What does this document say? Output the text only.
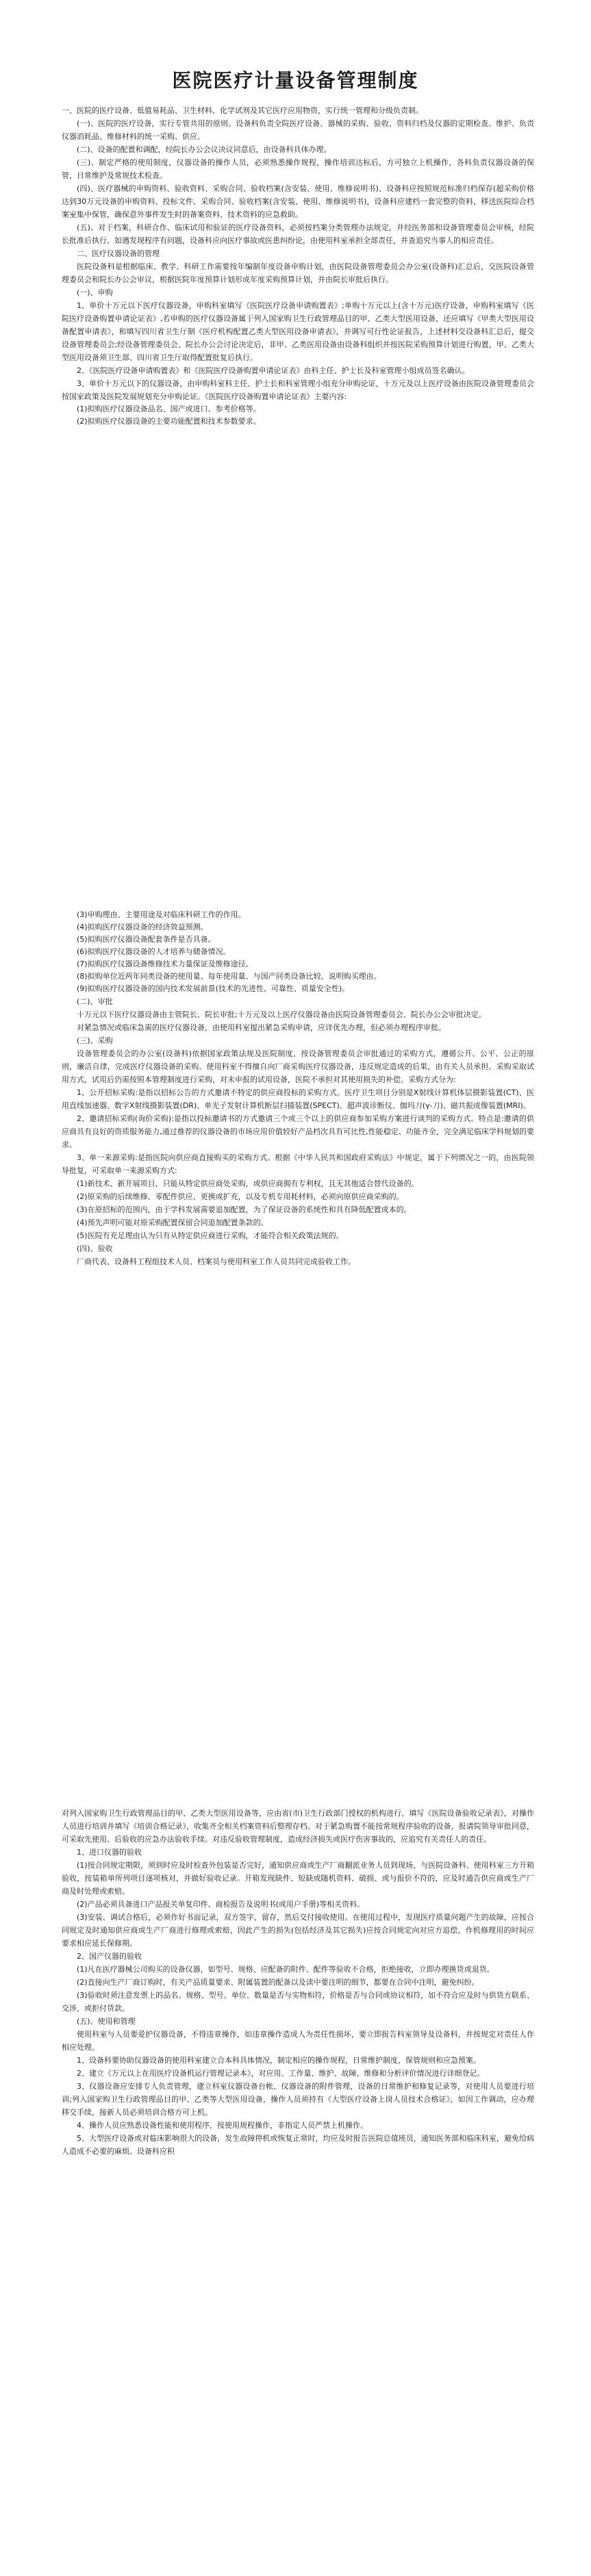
医院医疗计量设备管理制度

一、医院的医疗设备、低值易耗品、卫生材料、化学试剂及其它医疗应用物资，实行统一管理和分级负责制。

(一)、医院的医疗设备，实行专管共用的原则。设备科负责全院医疗设备、器械的采购、验收、资料归档及仪器的定期检查、维护、负责仪器消耗品、维修材料的统一采购、供应。

(二)、设备的配置和调配，经院长办公会议决议同意后，由设备科具体办理。

(三)、制定严格的使用制度，仪器设备的操作人员，必须熟悉操作规程，操作培训达标后，方可独立上机操作，各科负责仪器设备的保管，日常维护及常规技术检查。

(四)、医疗器械的申购资料、验收资料、采购合同、验收档案(含安装、使用、维修说明书)、设备科应按照规范标准归档保存(超采购价格达到30万元设备的申购资料、投标文件、采购合同、验收档案(含安装、使用、维修说明书)，设备科应建档一套完整的资料，移送医院综合档案室集中保管，确保意外事件发生时的备案资料、技术资料的应急救助。

(五)、对于档案，科研合作、临床试用和验证的医疗设备资料，必须按档案分类管理办法规定，并经医务部和设备管理委员会审核，经院长批准后执行。如遇发现程序有问题，设备科应向医疗事故或医患纠纷论，由使用科室承担全部责任，并查追究当事人的相应责任。

二、医疗仪器设备的管理

医院设备科是根据临床、教学、科研工作需要按年编制年度设备申购计划，由医院设备管理委员会办公室(设备科)汇总后，交医院设备管理委员会和院长办公会审议，根据医院年度预算计划形成年度采购预算计划，并由院长审批后执行。

(一)、申购

1、单价十万元以下医疗仪器设备，申购科室填写《医院医疗设备申请购置表》;单购十万元以上(含十万元)医疗设备，申购科室填写《医院医疗设备购置申请论证表》,若申购的医疗仪器设备属于列入国家购卫生行政管理品目的甲、乙类大型医用设备，还应填写《甲类大型医用设备配置申请表》，和填写四川省卫生厅制《医疗机构配置乙类大型医用设备申请表》，并调写可行性论证报告，上述材料交设备科汇总后，提交设备管理委员会;经设备管理委员会、院长办公会讨论决定后，非甲、乙类医用设备由设备科组织并按医院采购预算计划进行购置，甲、乙类大型医用设备须卫生部、四川省卫生厅取得配置批复后执行。

2、《医院医疗设备申请购置表》和《医院医疗设备购置申请论证表》由科主任、护士长及科室管理小组成员签名确认。

3、单价十万元以下的仪器设备，由申购科室科主任、护士长和科室管理小组充分申购论证，十万元及以上医疗设备由医院设备管理委员会按国家政策及医院发展规划充分申购论证。《医院医疗设备购置申请论证表》主要内容:

(1)拟购医疗仪器设备品名、国产或进口、参考价格等。

(2)拟购医疗仪器设备的主要功能配置和技术参数要求。

(3)申购理由、主要用途及对临床科研工作的作用。

(4)拟购医疗仪器设备的经济效益预测。

(5)拟购医疗仪器设备配套条件是否具备。

(6)拟购医疗仪器设备的人才培养与储备情况。

(7)拟购医疗仪器设备维修技术力量保证及维修途径。

(8)拟购单位近两年同类设备的使用量、每年使用量、与国产同类设备比较、说明购买理由。

(9)拟购医疗仪器设备的国内技术发展前景(技术的先进性、可靠性、质量安全性)。

(二)、审批

十万元以下医疗仪器设备由主管院长、院长审批;十万元及以上医疗仪器设备由医院设备管理委员会、院长办公会审批决定。

对紧急情况或临床急需的医疗仪器设备，由使用科室提出紧急采购申请，应详优先办理，但必须办理程序审批。

(三)、采购

设备管理委员会的办公室(设备科)依据国家政策法规及医院制度，按设备管理委员会审批通过的采购方式，遵循公开、公平、公正的原则，廉洁自律，完成医疗仪器设备的采购。使用科室不得擅自向厂商采购医疗仪器设备，违反规定造成的后果，由有关人员承担。采购采取试用方式，试用后仍需按照本管理制度进行采购，对未申报的试用设备，医院不承担对其使用损失的补偿。采购方式分为:

1、公开招标采购:是指以招标公告的方式邀请不特定的供应商投标的采购方式。医疗卫生项目分别是X射线计算机体层摄影装置(CT)、医用直线加速器、数字X射线摄影装置(DR)、单光子发射计算机断层扫描装置(SPECT)、超声波诊断仪、伽玛刀(γ-刀)、磁共振成像装置(MRI)。

2、邀请招标采购(询价采购):是指以投标邀请书的方式邀请三个或三个以上的供应商参加采购方案进行谈判的采购方式。特点是:邀请的供应商具有良好的资质服务能力,通过推荐的仪器设备的市场应用价值较好产品档次具有可比性,性能稳定、功能齐全，完全满足临床学科规划的要求。

3、单一来源采购:是指医院向供应商直接购买的采购方式。根据《中华人民共和国政府采购法》中规定，属于下列情况之一的，由医院领导批复，可采取单一来源采购方式:

(1)新技术、新开展项目，只能从特定供应商处采购，或供应商拥有专利权，且无其他适合替代设备的。

(2)原采购的后续维修、零配件供应、更换或扩充，以及专机专用耗材料，必须向原供应商采购的。

(3)在原招标的范围内，由于学科发展需要追加配置，为了保证设备的系统性和具有降低配置成本的。

(4)预先声明可能对原采购配置保留合同追加配置条款的。

(5)医院有充足理由认为只有从特定供应商进行采购，才能符合相关政策法规的。

(四)、验收

厂商代表、设备科工程组技术人员、档案员与使用科室工作人员共同完成验收工作。

对列入国家购卫生行政管理品目的甲、乙类大型医用设备等，应由省(市)卫生行政部门授权的机构进行。填写《医院设备验收记录表》，对操作人员进行培训并填写《培训合格记录》，收集齐全相关档案资料后整理存档。对于紧急购置不能按常规程序验收的设备，报请院领导审批同意，可采取先使用、后验收的应急办法验收手续。对违反验收管理制度，造成经济损失或医疗伤害事故的，应追究有关责任人的责任。

1、进口仪器的验收

(1)按合同规定期限，须到时应及时检查外包装是否完好，通知供应商或生产厂商翻派业务人员到现场，与医院设备科、使用科室三方开箱验收，按装箱单所列项目逐项核对，并做好验收记录。开箱发现缺件、短缺或随机资料、破损、或与报价不符的，应及时通告供应商或生产厂商及时处理或索赔。

(2)产品必须具备进口产品报关单复印件、商检报告及说明书(或用户手册)等相关资料。

(3)安装、调试合格后，必须作好书面记录，双方签字，留存，然后交付接收使用。在使用过程中，发现医疗质量问题产生的故障，应按合同规定及时通知供应商或生产厂商进行修理或索赔，因此产生的损失(包括经济及其它损失)应按合同规定向对应方追偿，作机修理用的时间应要求相应延长保修期。

2、国产仪器的验收

(1)凡在医疗器械公司购买的设备仪器，如型号、规格、应配备的附件、配件等验收不合格，拒绝接收，立即办理换货或退货。

(2)直接向生产厂商订购时，有关产品质量要求、附属装置的配备以及读中要注明的细节，都要在合同中注明，避免纠纷。

(3)验收时须注意发票上的品名、规格、型号、单位、数量是否与实物相符，价格是否与合同或协议相符，如不符合应及时与供货方联系、交涉，或拒付货款。

(五)、使用和管理

使用科室与人员要爱护仪器设备，不得违章操作，如违章操作造成人为责任性损坏，要立即报告科室领导及设备科，并按规定对责任人作相应处理。

1、设备科要协助仪器设备的使用科室建立合本科具体情况，制定相应的操作规程，日常维护制度，保管规则和应急预案。

2、建立《万元以上在用医疗设备机运行管理记录本》，对应用、工作量、维护、故障、维修和分析评价情况进行详细登记。

3、仪器设备应安排专人负责管理，建立科室仪器设备台帐、仪器设备的附件管理，设备的日常维护和修复记录等，对使用人员要进行培训;列入国家购卫生行政管理品目的甲、乙类等大型医用设备，操作人员须持有《大型医疗设备上岗人员技术合格证》，如因工作调动，应办理移交手续，接新人员必须培训合格方可上机。

4、操作人员应熟悉设备性能和使用程序，按使用规程操作，非指定人员严禁上机操作。

5、大型医疗设备或对临床影响很大的设备，发生故障停机或恢复正常时，均应及时报告医院总值班员，通知医务部和临床科室，避免给病人造成不必要的麻烦。设备科应积
